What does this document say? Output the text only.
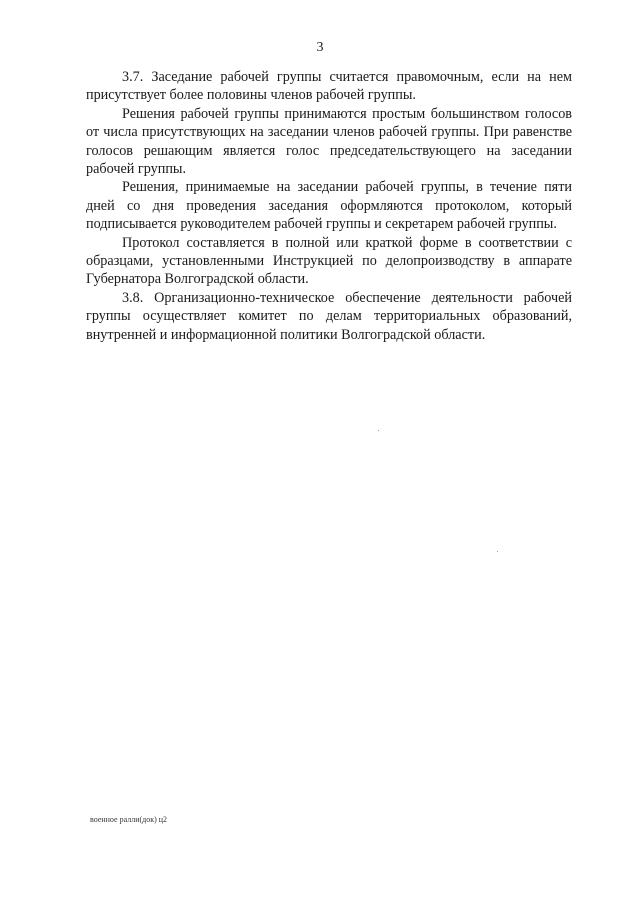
3

3.7. Заседание рабочей группы считается правомочным, если на нем присутствует более половины членов рабочей группы.

Решения рабочей группы принимаются простым большинством голосов от числа присутствующих на заседании членов рабочей группы. При равенстве голосов решающим является голос председательствующего на заседании рабочей группы.

Решения, принимаемые на заседании рабочей группы, в течение пяти дней со дня проведения заседания оформляются протоколом, который подписывается руководителем рабочей группы и секретарем рабочей группы.

Протокол составляется в полной или краткой форме в соответствии с образцами, установленными Инструкцией по делопроизводству в аппарате Губернатора Волгоградской области.

3.8. Организационно-техническое обеспечение деятельности рабочей группы осуществляет комитет по делам территориальных образований, внутренней и информационной политики Волгоградской области.

военное ралли(док) ц2
